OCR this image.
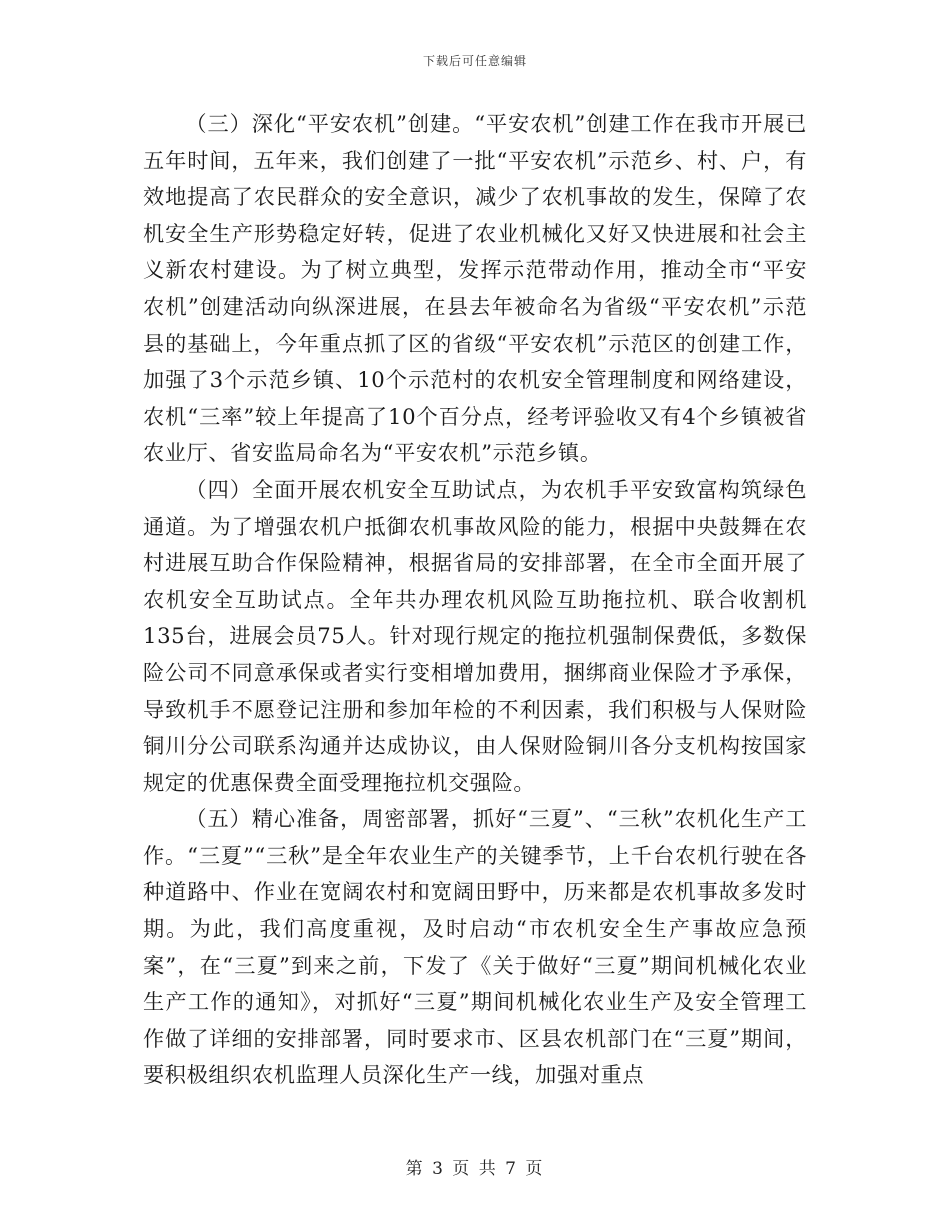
下载后可任意编辑

（三）深化“平安农机”创建。“平安农机”创建工作在我市开展已五年时间，五年来，我们创建了一批“平安农机”示范乡、村、户，有效地提高了农民群众的安全意识，减少了农机事故的发生，保障了农机安全生产形势稳定好转，促进了农业机械化又好又快进展和社会主义新农村建设。为了树立典型，发挥示范带动作用，推动全市“平安农机”创建活动向纵深进展，在县去年被命名为省级“平安农机”示范县的基础上，今年重点抓了区的省级“平安农机”示范区的创建工作，加强了3个示范乡镇、10个示范村的农机安全管理制度和网络建设，农机“三率”较上年提高了10个百分点，经考评验收又有4个乡镇被省农业厅、省安监局命名为“平安农机”示范乡镇。

（四）全面开展农机安全互助试点，为农机手平安致富构筑绿色通道。为了增强农机户抵御农机事故风险的能力，根据中央鼓舞在农村进展互助合作保险精神，根据省局的安排部署，在全市全面开展了农机安全互助试点。全年共办理农机风险互助拖拉机、联合收割机135台，进展会员75人。针对现行规定的拖拉机强制保费低，多数保险公司不同意承保或者实行变相增加费用，捆绑商业保险才予承保，导致机手不愿登记注册和参加年检的不利因素，我们积极与人保财险铜川分公司联系沟通并达成协议，由人保财险铜川各分支机构按国家规定的优惠保费全面受理拖拉机交强险。

（五）精心准备，周密部署，抓好“三夏”、“三秋”农机化生产工作。“三夏”“三秋”是全年农业生产的关键季节，上千台农机行驶在各种道路中、作业在宽阔农村和宽阔田野中，历来都是农机事故多发时期。为此，我们高度重视，及时启动“市农机安全生产事故应急预案”，在“三夏”到来之前，下发了《关于做好“三夏”期间机械化农业生产工作的通知》，对抓好“三夏”期间机械化农业生产及安全管理工作做了详细的安排部署，同时要求市、区县农机部门在“三夏”期间，要积极组织农机监理人员深化生产一线，加强对重点

第 3 页 共 7 页
